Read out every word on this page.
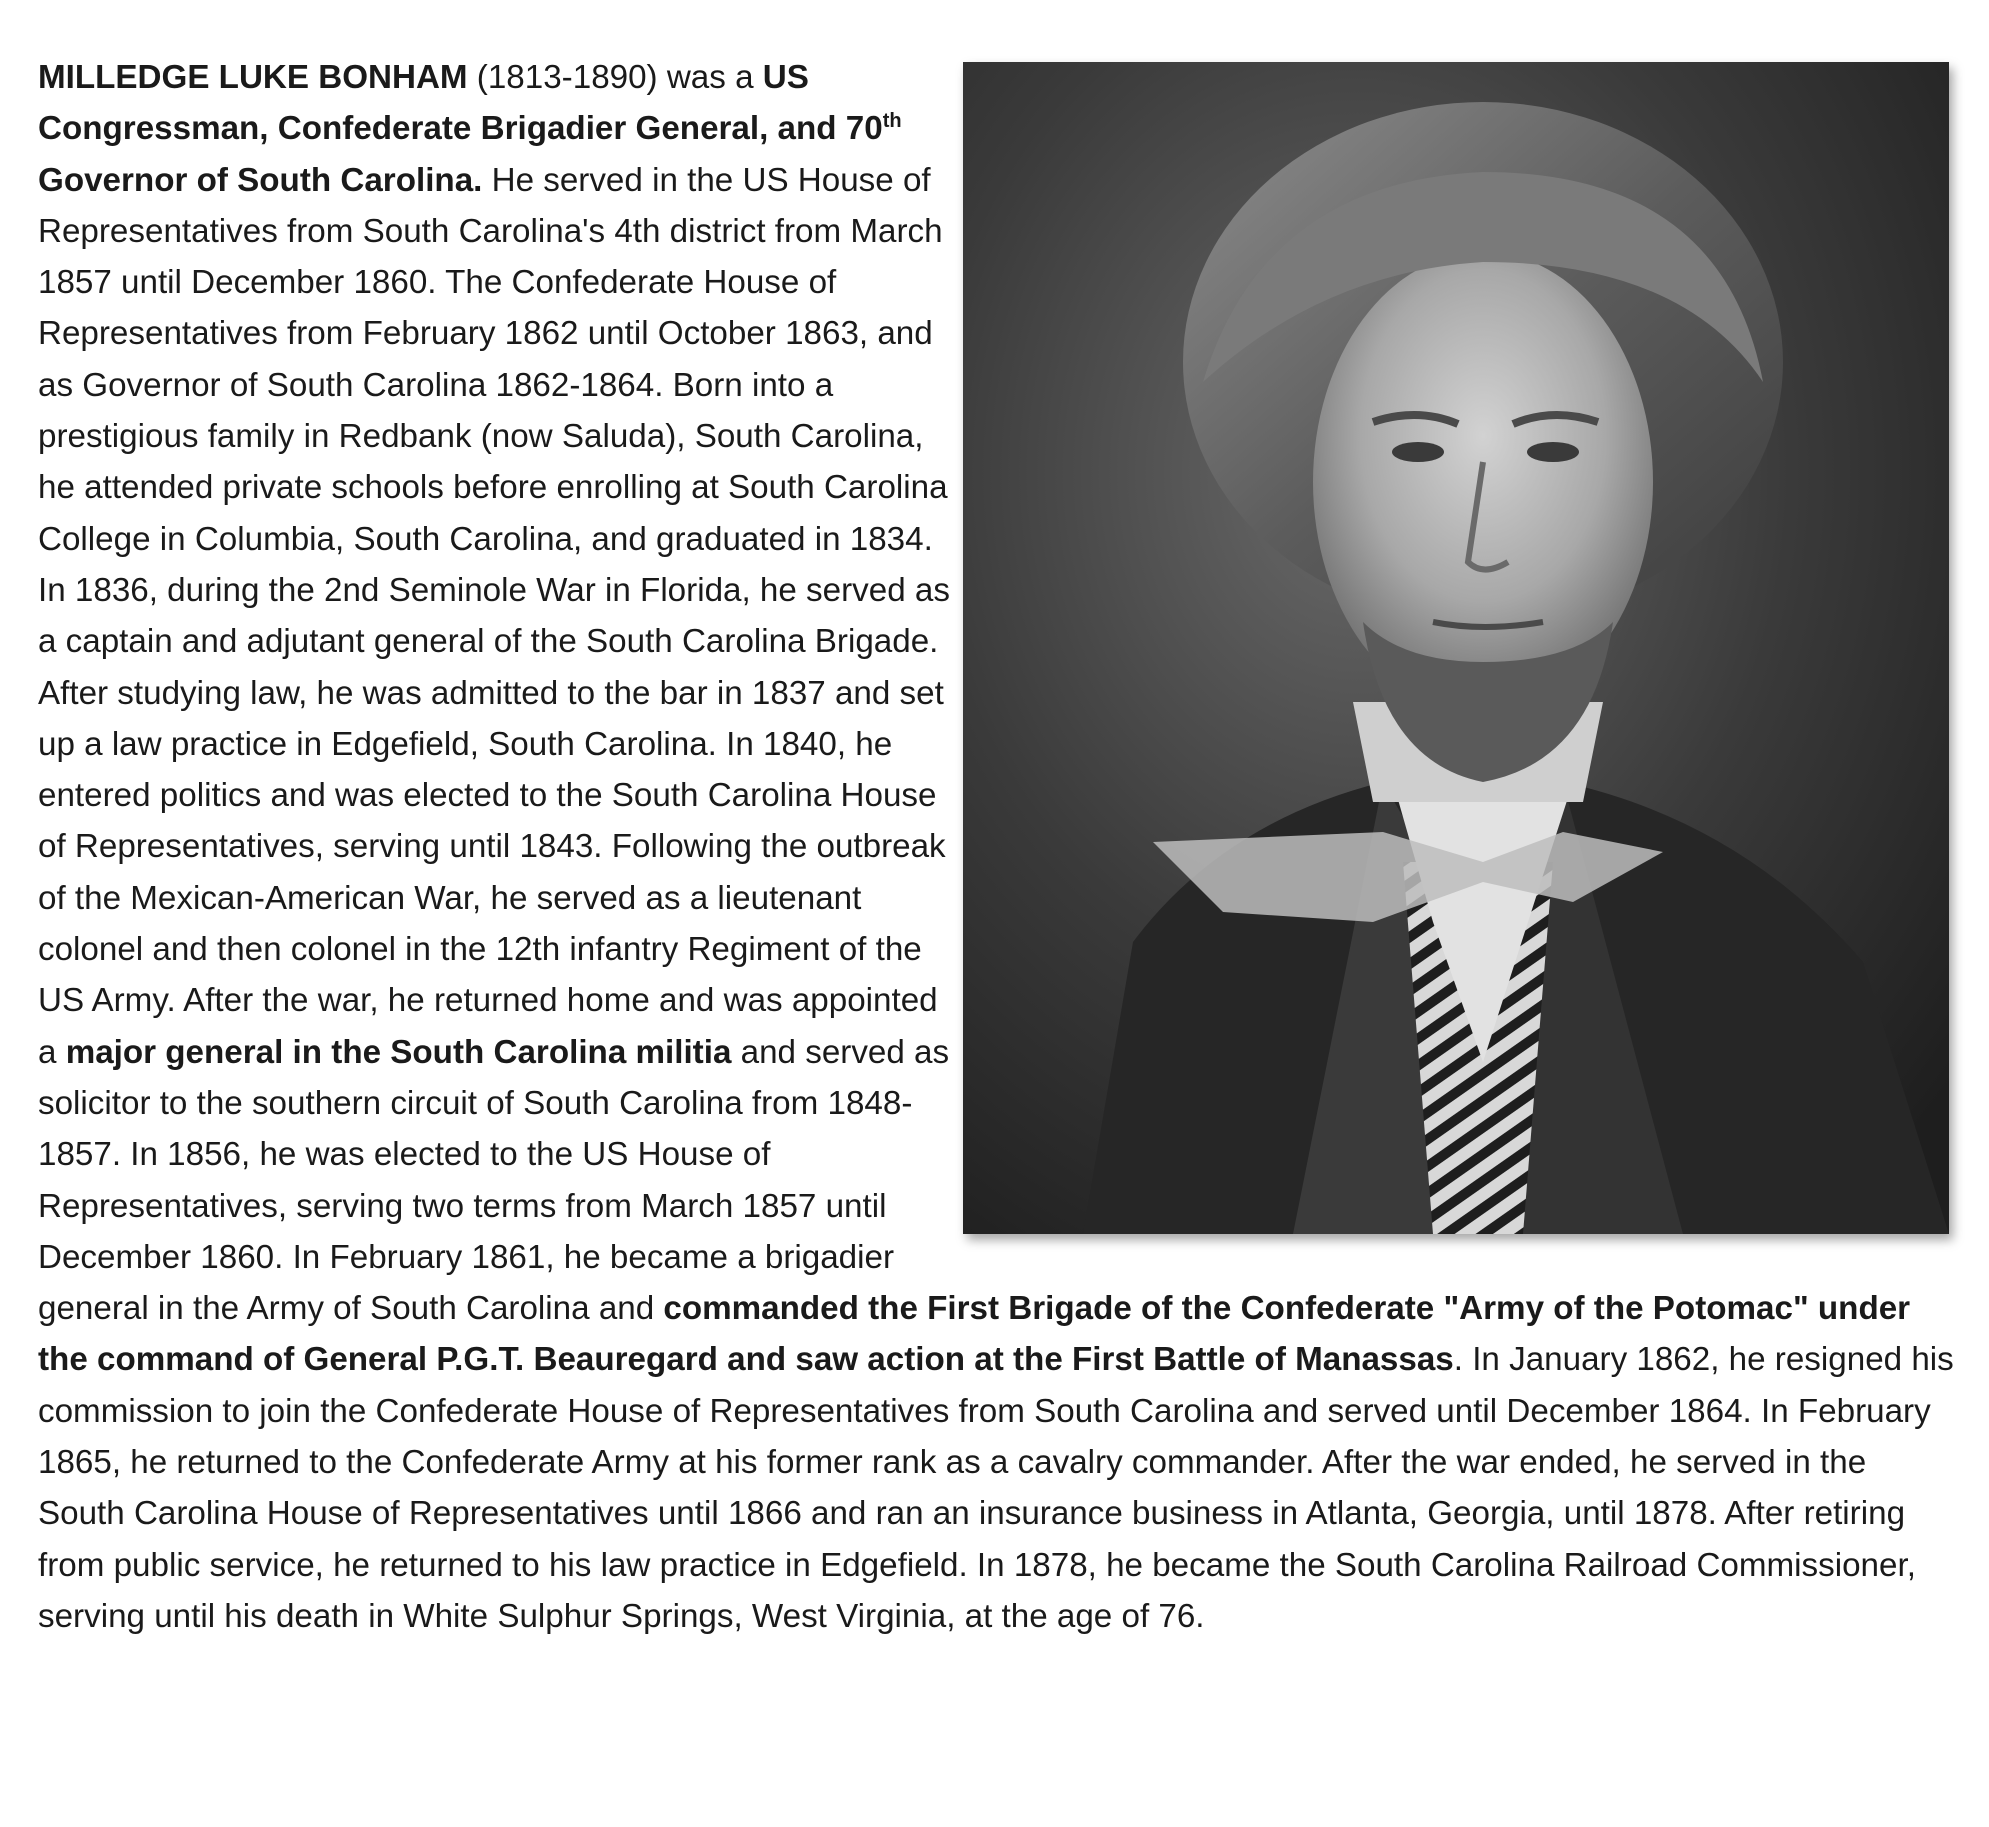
MILLEDGE LUKE BONHAM (1813-1890) was a US Congressman, Confederate Brigadier General, and 70th Governor of South Carolina. He served in the US House of Representatives from South Carolina's 4th district from March 1857 until December 1860. The Confederate House of Representatives from February 1862 until October 1863, and as Governor of South Carolina 1862-1864. Born into a prestigious family in Redbank (now Saluda), South Carolina, he attended private schools before enrolling at South Carolina College in Columbia, South Carolina, and graduated in 1834. In 1836, during the 2nd Seminole War in Florida, he served as a captain and adjutant general of the South Carolina Brigade. After studying law, he was admitted to the bar in 1837 and set up a law practice in Edgefield, South Carolina. In 1840, he entered politics and was elected to the South Carolina House of Representatives, serving until 1843. Following the outbreak of the Mexican-American War, he served as a lieutenant colonel and then colonel in the 12th infantry Regiment of the US Army. After the war, he returned home and was appointed a major general in the South Carolina militia and served as solicitor to the southern circuit of South Carolina from 1848-1857. In 1856, he was elected to the US House of Representatives, serving two terms from March 1857 until December 1860. In February 1861, he became a brigadier general in the Army of South Carolina and commanded the First Brigade of the Confederate "Army of the Potomac" under the command of General P.G.T. Beauregard and saw action at the First Battle of Manassas. In January 1862, he resigned his commission to join the Confederate House of Representatives from South Carolina and served until December 1864. In February 1865, he returned to the Confederate Army at his former rank as a cavalry commander. After the war ended, he served in the South Carolina House of Representatives until 1866 and ran an insurance business in Atlanta, Georgia, until 1878. After retiring from public service, he returned to his law practice in Edgefield. In 1878, he became the South Carolina Railroad Commissioner, serving until his death in White Sulphur Springs, West Virginia, at the age of 76.
